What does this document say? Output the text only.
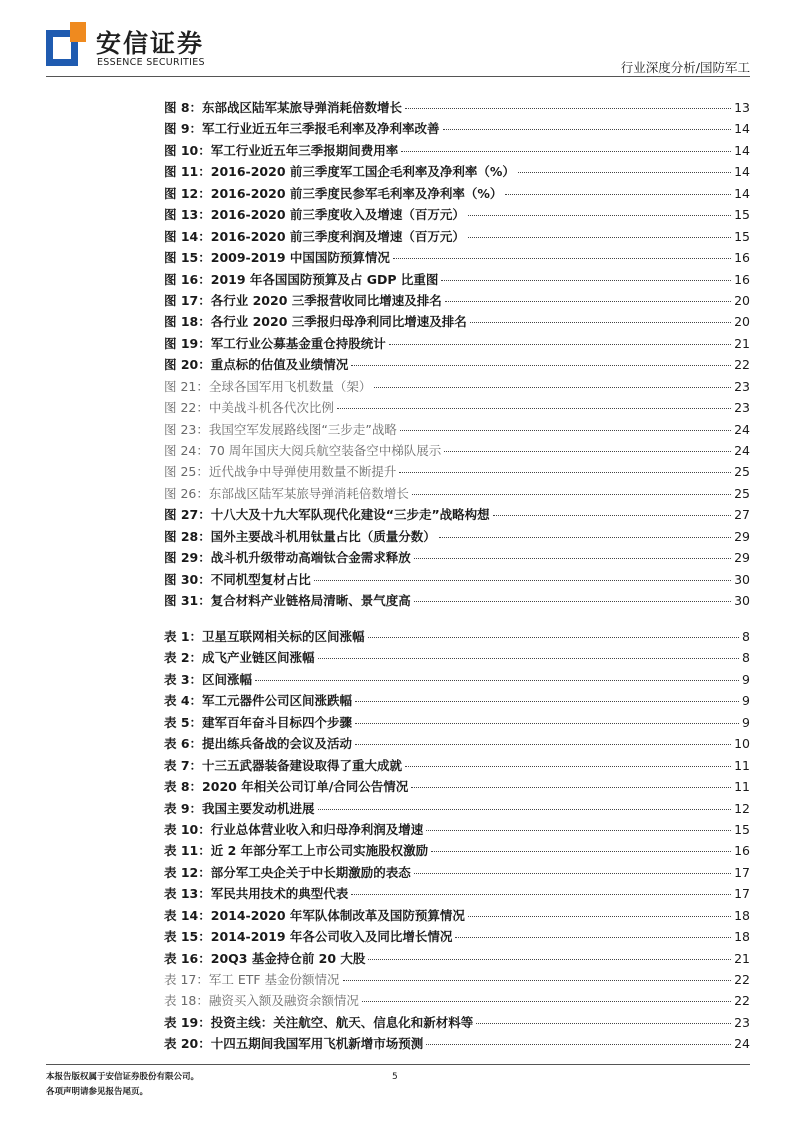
安信证券
ESSENCE SECURITIES	行业深度分析/国防军工
图 8：东部战区陆军某旅导弹消耗倍数增长	13
图 9：军工行业近五年三季报毛利率及净利率改善	14
图 10：军工行业近五年三季报期间费用率	14
图 11：2016-2020 前三季度军工国企毛利率及净利率（%）	14
图 12：2016-2020 前三季度民参军毛利率及净利率（%）	14
图 13：2016-2020 前三季度收入及增速（百万元）	15
图 14：2016-2020 前三季度利润及增速（百万元）	15
图 15：2009-2019 中国国防预算情况	16
图 16：2019 年各国国防预算及占 GDP 比重图	16
图 17：各行业 2020 三季报营收同比增速及排名	20
图 18：各行业 2020 三季报归母净利同比增速及排名	20
图 19：军工行业公募基金重仓持股统计	21
图 20：重点标的估值及业绩情况	22
图 21：全球各国军用飞机数量（架）	23
图 22：中美战斗机各代次比例	23
图 23：我国空军发展路线图“三步走”战略	24
图 24：70 周年国庆大阅兵航空装备空中梯队展示	24
图 25：近代战争中导弹使用数量不断提升	25
图 26：东部战区陆军某旅导弹消耗倍数增长	25
图 27：十八大及十九大军队现代化建设“三步走”战略构想	27
图 28：国外主要战斗机用钛量占比（质量分数）	29
图 29：战斗机升级带动高端钛合金需求释放	29
图 30：不同机型复材占比	30
图 31：复合材料产业链格局清晰、景气度高	30
表 1：卫星互联网相关标的区间涨幅	8
表 2：成飞产业链区间涨幅	8
表 3：区间涨幅	9
表 4：军工元器件公司区间涨跌幅	9
表 5：建军百年奋斗目标四个步骤	9
表 6：提出练兵备战的会议及活动	10
表 7：十三五武器装备建设取得了重大成就	11
表 8：2020 年相关公司订单/合同公告情况	11
表 9：我国主要发动机进展	12
表 10：行业总体营业收入和归母净利润及增速	15
表 11：近 2 年部分军工上市公司实施股权激励	16
表 12：部分军工央企关于中长期激励的表态	17
表 13：军民共用技术的典型代表	17
表 14：2014-2020 年军队体制改革及国防预算情况	18
表 15：2014-2019 年各公司收入及同比增长情况	18
表 16：20Q3 基金持仓前 20 大股	21
表 17：军工 ETF 基金份额情况	22
表 18：融资买入额及融资余额情况	22
表 19：投资主线：关注航空、航天、信息化和新材料等	23
表 20：十四五期间我国军用飞机新增市场预测	24
本报告版权属于安信证券股份有限公司。
各项声明请参见报告尾页。
5
